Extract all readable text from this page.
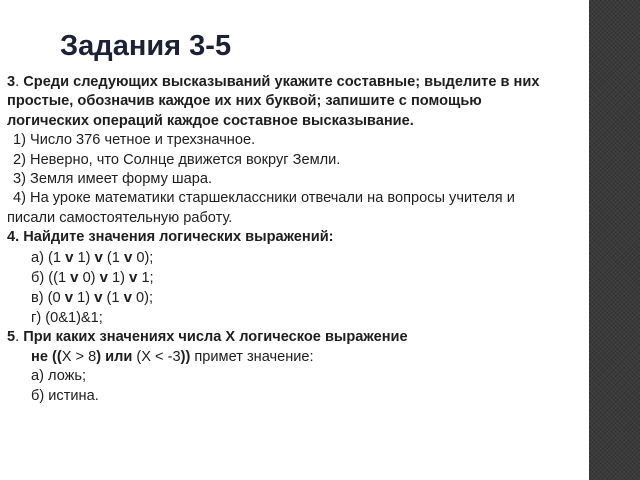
Задания 3-5
3. Среди следующих высказываний укажите составные; выделите в них
простые, обозначив каждое их них буквой; запишите с помощью
логических операций каждое составное высказывание.
1) Число 376 четное и трехзначное.
2) Неверно, что Солнце движется вокруг Земли.
3) Земля имеет форму шара.
4) На уроке математики старшеклассники отвечали на вопросы учителя и
писали самостоятельную работу.
4. Найдите значения логических выражений:
а) (1 v 1) v (1 v 0);
б) ((1 v 0) v 1) v 1;
в) (0 v 1) v (1 v 0);
г) (0&1)&1;
5. При каких значениях числа X логическое выражение
не ((X > 8) или (X < -3)) примет значение:
а) ложь;
б) истина.
